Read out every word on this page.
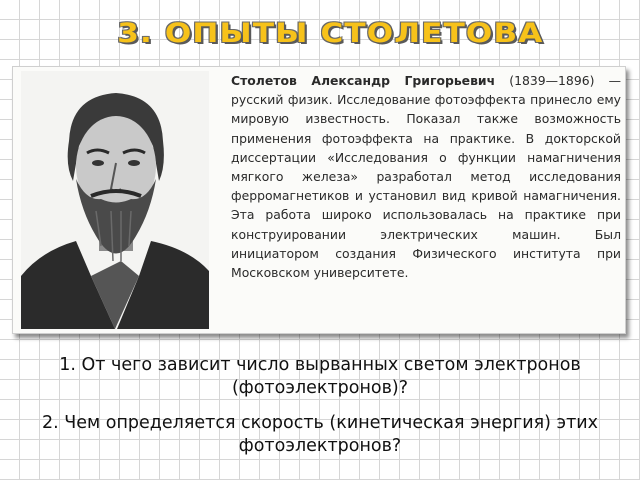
3. ОПЫТЫ СТОЛЕТОВА

Столетов Александр Григорьевич (1839—1896) — русский физик. Исследование фотоэффекта принесло ему мировую известность. Показал также возможность применения фотоэффекта на практике. В докторской диссертации «Исследования о функции намагничения мягкого железа» разработал метод исследования ферромагнетиков и установил вид кривой намагничения. Эта работа широко использовалась на практике при конструировании электрических машин. Был инициатором создания Физического института при Московском университете.

1. От чего зависит число вырванных светом электронов (фотоэлектронов)?

2. Чем определяется скорость (кинетическая энергия) этих фотоэлектронов?
